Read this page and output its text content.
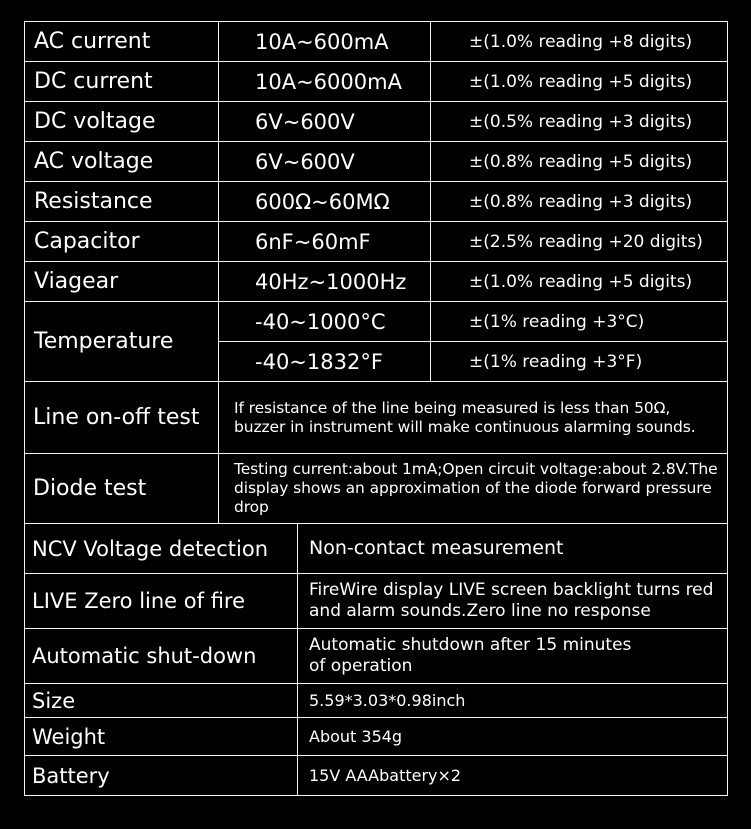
AC current	10A~600mA	±(1.0% reading +8 digits)
DC current	10A~6000mA	±(1.0% reading +5 digits)
DC voltage	6V~600V	±(0.5% reading +3 digits)
AC voltage	6V~600V	±(0.8% reading +5 digits)
Resistance	600Ω~60MΩ	±(0.8% reading +3 digits)
Capacitor	6nF~60mF	±(2.5% reading +20 digits)
Viagear	40Hz~1000Hz	±(1.0% reading +5 digits)
Temperature	-40~1000°C	±(1% reading +3°C)
	-40~1832°F	±(1% reading +3°F)
Line on-off test	If resistance of the line being measured is less than 50Ω, buzzer in instrument will make continuous alarming sounds.
Diode test	Testing current:about 1mA;Open circuit voltage:about 2.8V.The display shows an approximation of the diode forward pressure drop
NCV Voltage detection	Non-contact measurement
LIVE Zero line of fire	FireWire display LIVE screen backlight turns red and alarm sounds.Zero line no response
Automatic shut-down	Automatic shutdown after 15 minutes of operation
Size	5.59*3.03*0.98inch
Weight	About 354g
Battery	15V AAAbattery×2
